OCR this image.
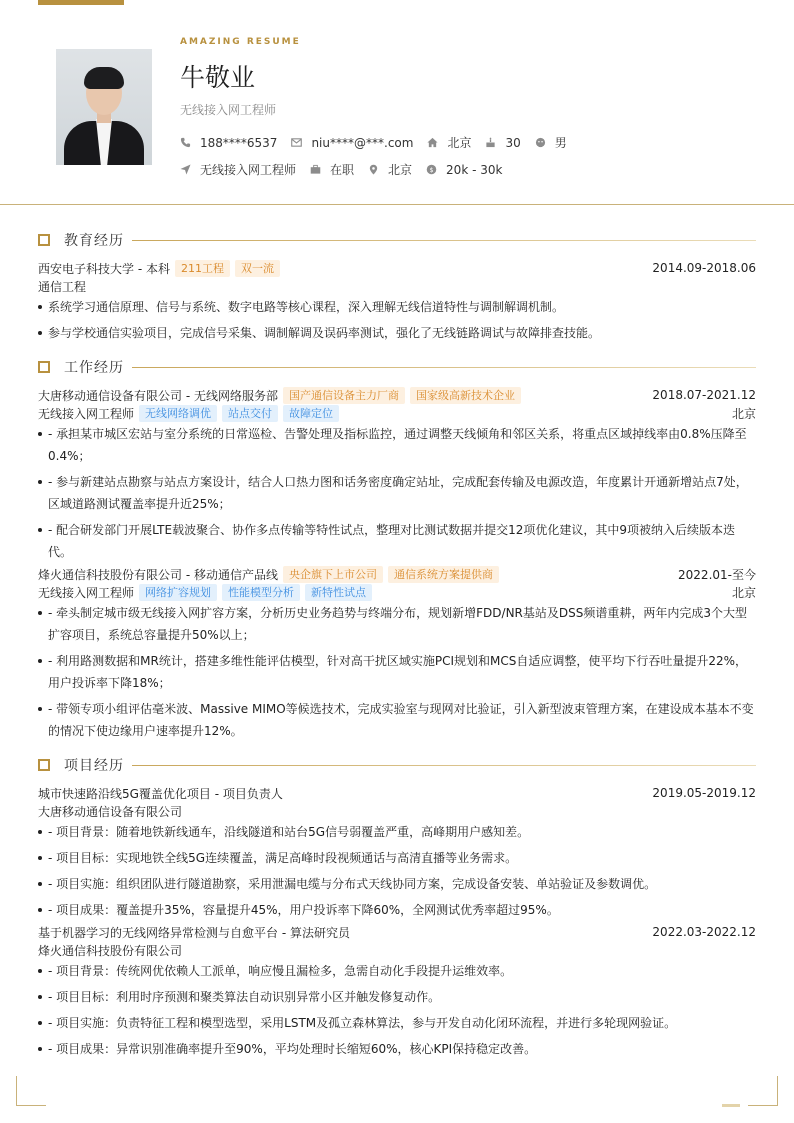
AMAZING RESUME
牛敬业
无线接入网工程师
188****6537	niu****@***.com	北京	30	男
无线接入网工程师	在职	北京 $ 20k - 30k
教育经历
西安电子科技大学 - 本科	211工程	双一流	2014.09-2018.06
通信工程
系统学习通信原理、信号与系统、数字电路等核心课程，深入理解无线信道特性与调制解调机制。
参与学校通信实验项目，完成信号采集、调制解调及误码率测试，强化了无线链路调试与故障排查技能。
工作经历
大唐移动通信设备有限公司 - 无线网络服务部	国产通信设备主力厂商	国家级高新技术企业	2018.07-2021.12
无线接入网工程师	无线网络调优	站点交付	故障定位	北京
- 承担某市城区宏站与室分系统的日常巡检、告警处理及指标监控，通过调整天线倾角和邻区关系，将重点区域掉线率由0.8%压降至0.4%；
- 参与新建站点勘察与站点方案设计，结合人口热力图和话务密度确定站址，完成配套传输及电源改造，年度累计开通新增站点7处，区域道路测试覆盖率提升近25%；
- 配合研发部门开展LTE载波聚合、协作多点传输等特性试点，整理对比测试数据并提交12项优化建议，其中9项被纳入后续版本迭代。
烽火通信科技股份有限公司 - 移动通信产品线	央企旗下上市公司	通信系统方案提供商	2022.01-至今
无线接入网工程师	网络扩容规划	性能模型分析	新特性试点	北京
- 牵头制定城市级无线接入网扩容方案，分析历史业务趋势与终端分布，规划新增FDD/NR基站及DSS频谱重耕，两年内完成3个大型扩容项目，系统总容量提升50%以上；
- 利用路测数据和MR统计，搭建多维性能评估模型，针对高干扰区域实施PCI规划和MCS自适应调整，使平均下行吞吐量提升22%，用户投诉率下降18%；
- 带领专项小组评估毫米波、Massive MIMO等候选技术，完成实验室与现网对比验证，引入新型波束管理方案，在建设成本基本不变的情况下使边缘用户速率提升12%。
项目经历
城市快速路沿线5G覆盖优化项目 - 项目负责人	2019.05-2019.12
大唐移动通信设备有限公司
- 项目背景：随着地铁新线通车，沿线隧道和站台5G信号弱覆盖严重，高峰期用户感知差。
- 项目目标：实现地铁全线5G连续覆盖，满足高峰时段视频通话与高清直播等业务需求。
- 项目实施：组织团队进行隧道勘察，采用泄漏电缆与分布式天线协同方案，完成设备安装、单站验证及参数调优。
- 项目成果：覆盖提升35%，容量提升45%，用户投诉率下降60%，全网测试优秀率超过95%。
基于机器学习的无线网络异常检测与自愈平台 - 算法研究员	2022.03-2022.12
烽火通信科技股份有限公司
- 项目背景：传统网优依赖人工派单，响应慢且漏检多，急需自动化手段提升运维效率。
- 项目目标：利用时序预测和聚类算法自动识别异常小区并触发修复动作。
- 项目实施：负责特征工程和模型选型，采用LSTM及孤立森林算法，参与开发自动化闭环流程，并进行多轮现网验证。
- 项目成果：异常识别准确率提升至90%，平均处理时长缩短60%，核心KPI保持稳定改善。
